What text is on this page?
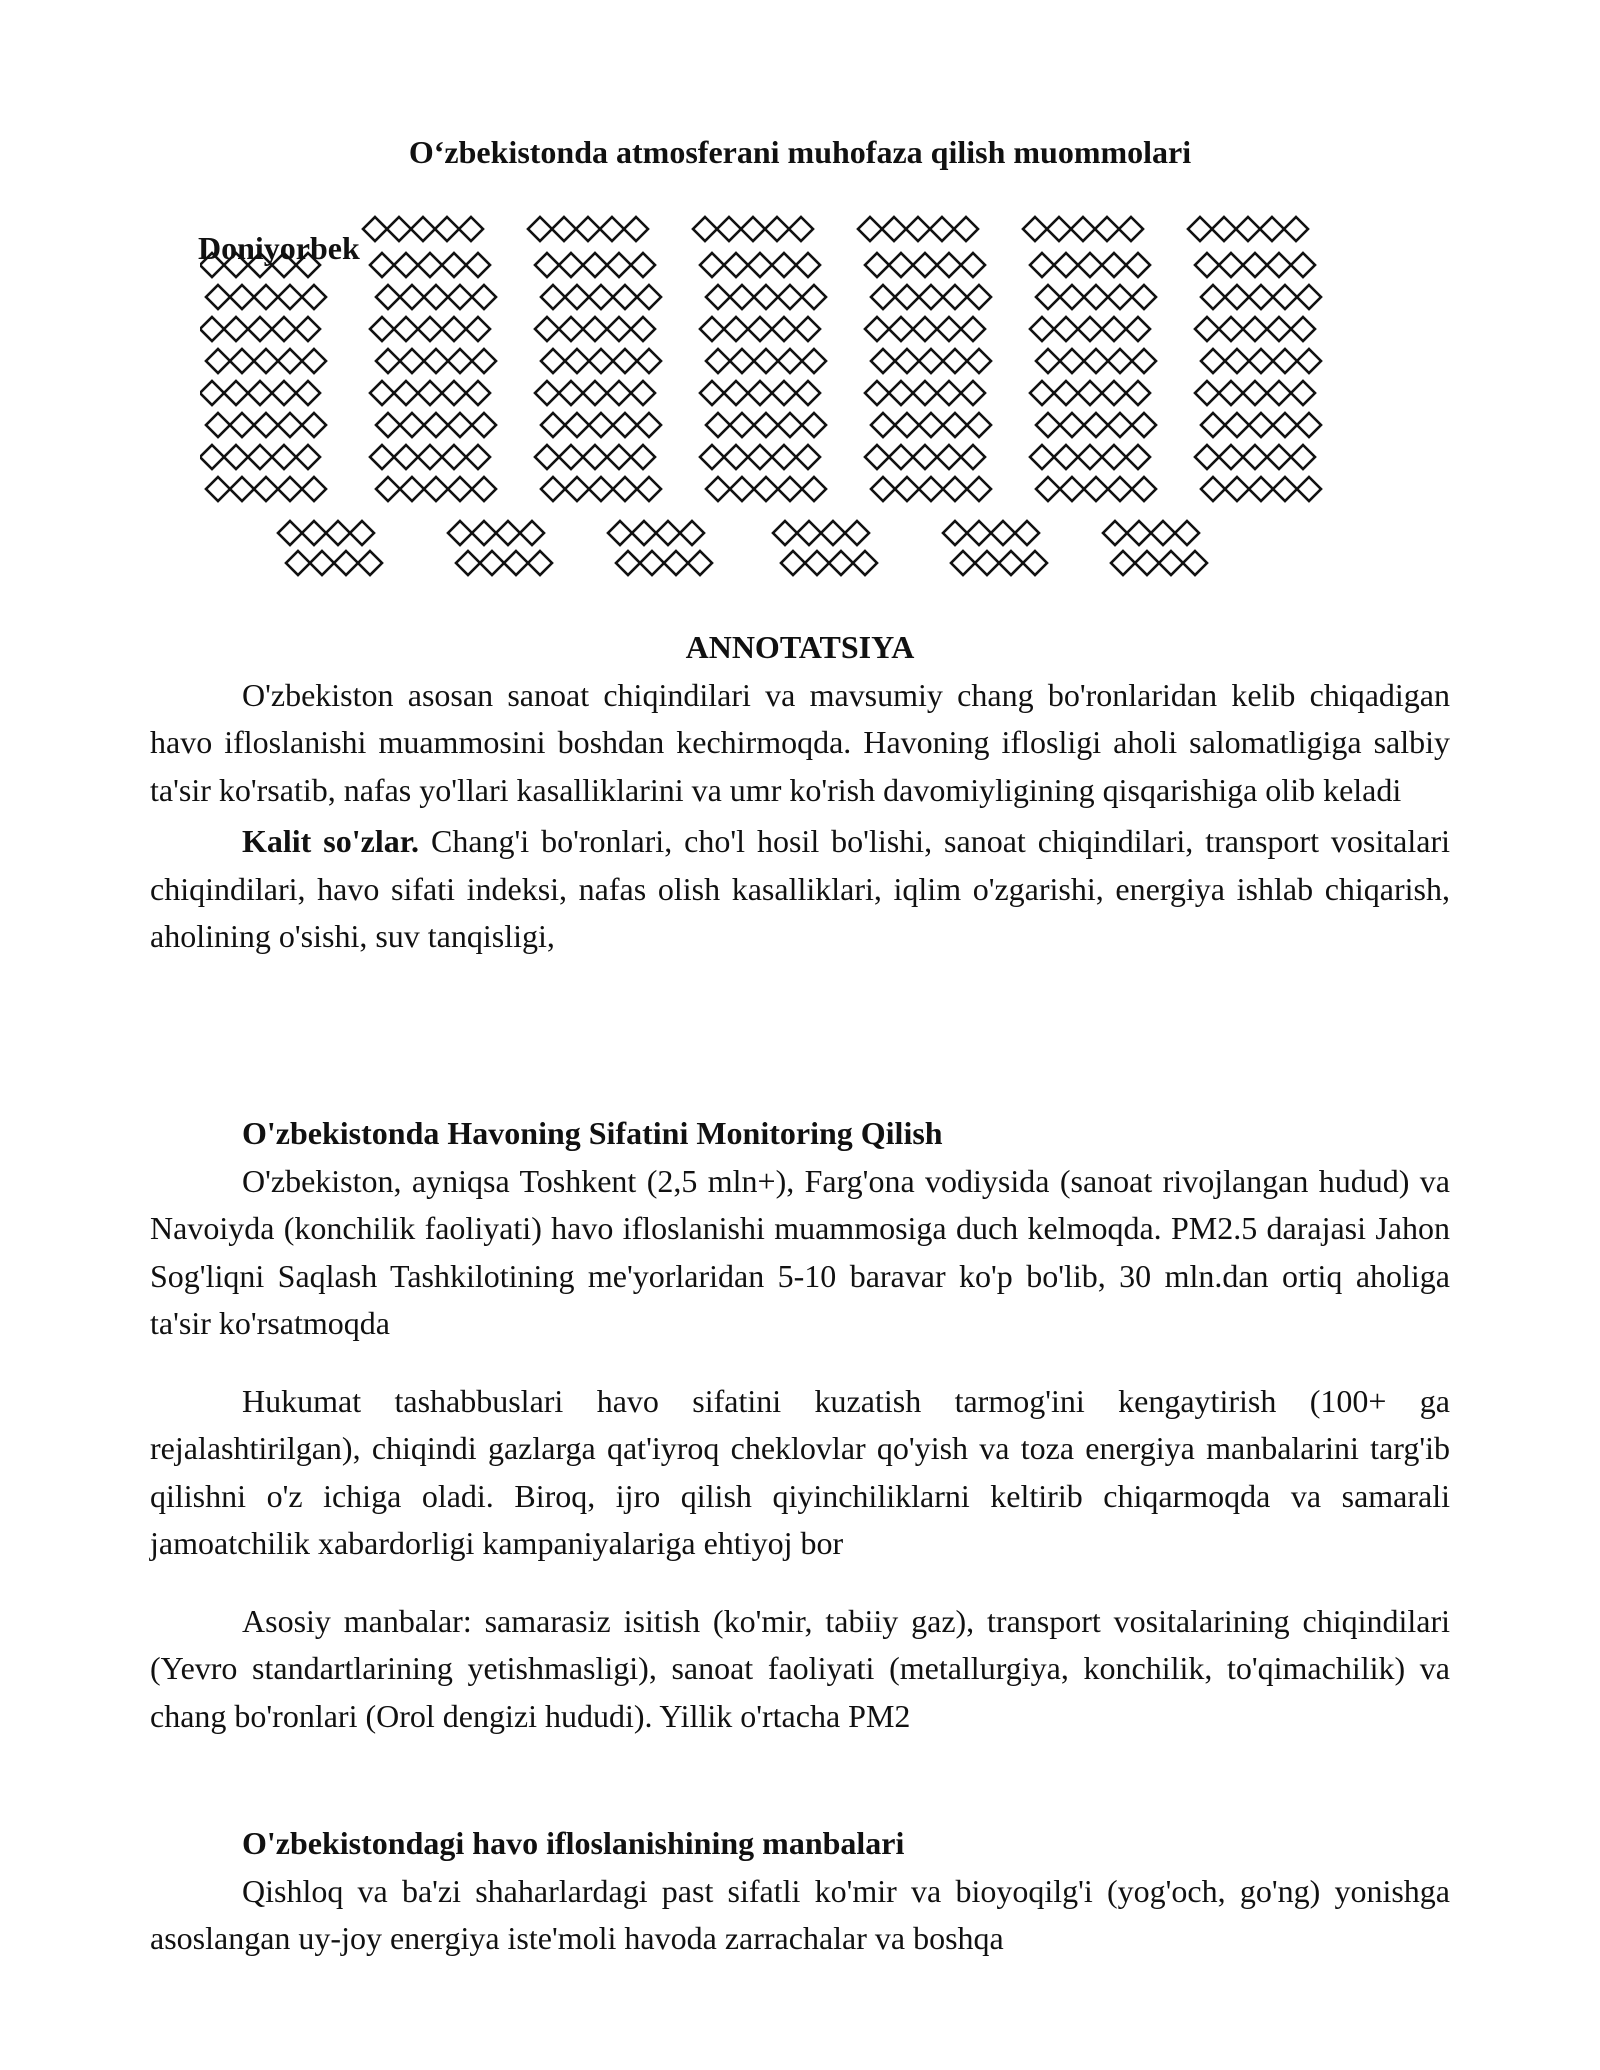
O‘zbekistonda atmosferani muhofaza qilish muommolari
Doniyorbek
ANNOTATSIYA

O'zbekiston asosan sanoat chiqindilari va mavsumiy chang bo'ronlaridan kelib chiqadigan havo ifloslanishi muammosini boshdan kechirmoqda. Havoning iflosligi aholi salomatligiga salbiy ta'sir ko'rsatib, nafas yo'llari kasalliklarini va umr ko'rish davomiyligining qisqarishiga olib keladi

Kalit so'zlar. Chang'i bo'ronlari, cho'l hosil bo'lishi, sanoat chiqindilari, transport vositalari chiqindilari, havo sifati indeksi, nafas olish kasalliklari, iqlim o'zgarishi, energiya ishlab chiqarish, aholining o'sishi, suv tanqisligi,

O'zbekistonda Havoning Sifatini Monitoring Qilish

O'zbekiston, ayniqsa Toshkent (2,5 mln+), Farg'ona vodiysida (sanoat rivojlangan hudud) va Navoiyda (konchilik faoliyati) havo ifloslanishi muammosiga duch kelmoqda. PM2.5 darajasi Jahon Sog'liqni Saqlash Tashkilotining me'yorlaridan 5-10 baravar ko'p bo'lib, 30 mln.dan ortiq aholiga ta'sir ko'rsatmoqda

Hukumat tashabbuslari havo sifatini kuzatish tarmog'ini kengaytirish (100+ ga rejalashtirilgan), chiqindi gazlarga qat'iyroq cheklovlar qo'yish va toza energiya manbalarini targ'ib qilishni o'z ichiga oladi. Biroq, ijro qilish qiyinchiliklarni keltirib chiqarmoqda va samarali jamoatchilik xabardorligi kampaniyalariga ehtiyoj bor

Asosiy manbalar: samarasiz isitish (ko'mir, tabiiy gaz), transport vositalarining chiqindilari (Yevro standartlarining yetishmasligi), sanoat faoliyati (metallurgiya, konchilik, to'qimachilik) va chang bo'ronlari (Orol dengizi hududi). Yillik o'rtacha PM2

O'zbekistondagi havo ifloslanishining manbalari

Qishloq va ba'zi shaharlardagi past sifatli ko'mir va bioyoqilg'i (yog'och, go'ng) yonishga asoslangan uy-joy energiya iste'moli havoda zarrachalar va boshqa
